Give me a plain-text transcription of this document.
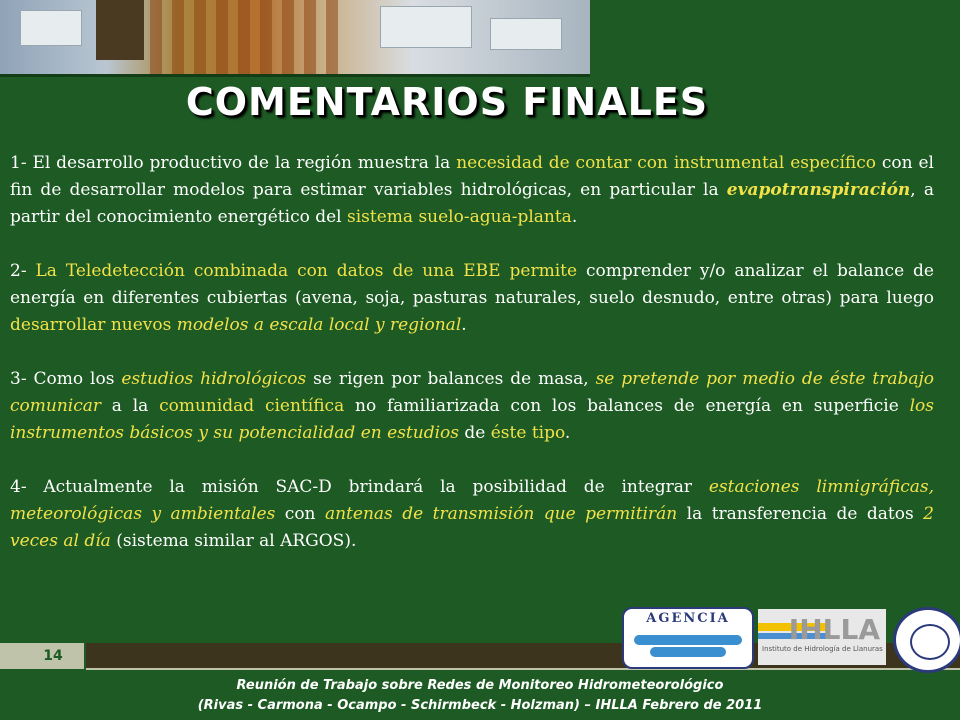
COMENTARIOS FINALES

1- El desarrollo productivo de la región muestra la necesidad de contar con instrumental específico con el fin de desarrollar modelos para estimar variables hidrológicas, en particular la evapotranspiración, a partir del conocimiento energético del sistema suelo-agua-planta.

2- La Teledetección combinada con datos de una EBE permite comprender y/o analizar el balance de energía en diferentes cubiertas (avena, soja, pasturas naturales, suelo desnudo, entre otras) para luego desarrollar nuevos modelos a escala local y regional.

3- Como los estudios hidrológicos se rigen por balances de masa, se pretende por medio de éste trabajo comunicar a la comunidad científica no familiarizada con los balances de energía en superficie los instrumentos básicos y su potencialidad en estudios de éste tipo.

4- Actualmente la misión SAC-D brindará la posibilidad de integrar estaciones limnigráficas, meteorológicas y ambientales con antenas de transmisión que permitirán la transferencia de datos 2 veces al día (sistema similar al ARGOS).

14
AGENCIA	IHLLA
Instituto de Hidrología de Llanuras
Reunión de Trabajo sobre Redes de Monitoreo Hidrometeorológico
(Rivas - Carmona - Ocampo - Schirmbeck - Holzman) – IHLLA Febrero de 2011
